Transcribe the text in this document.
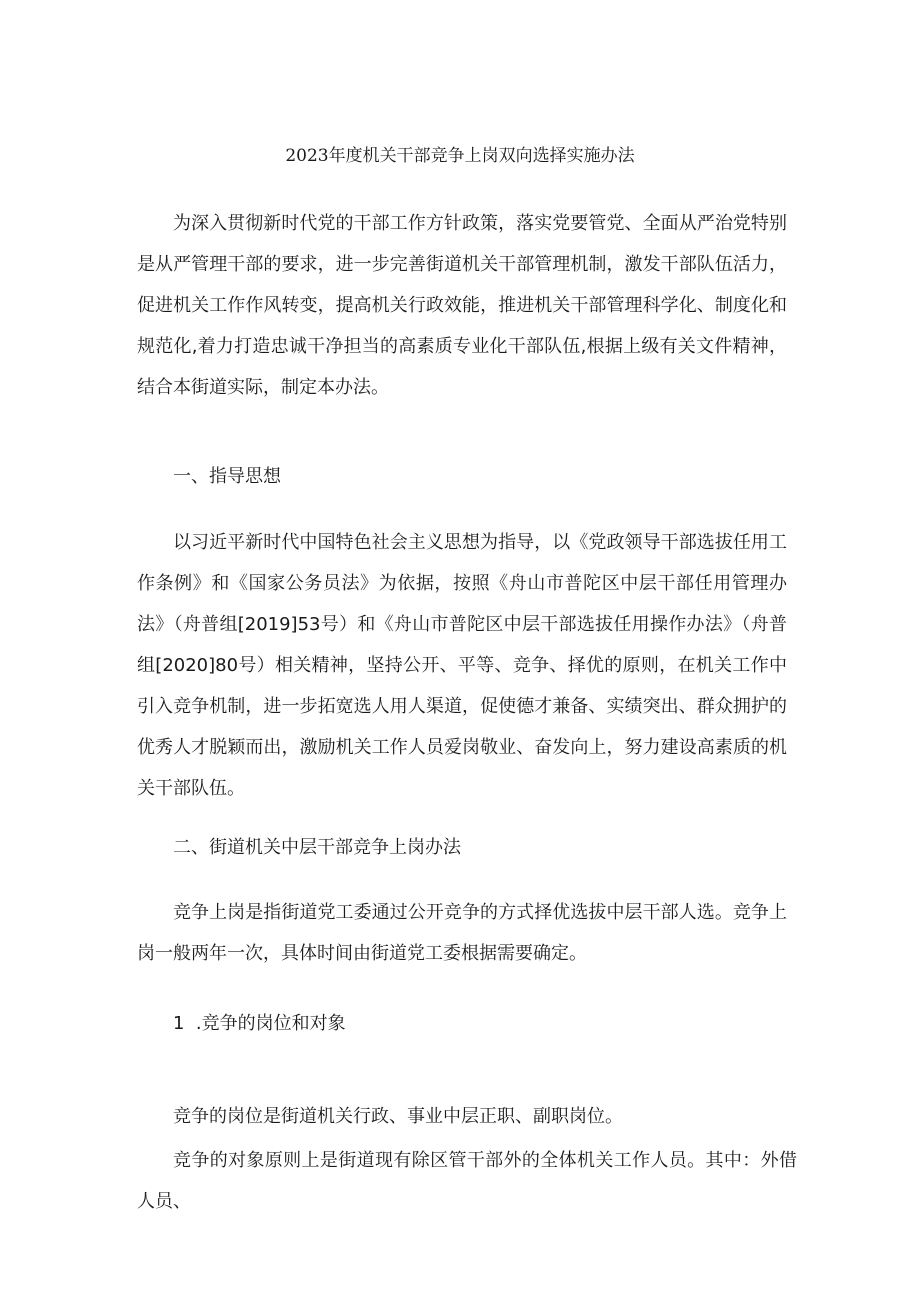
2023年度机关干部竞争上岗双向选择实施办法

为深入贯彻新时代党的干部工作方针政策，落实党要管党、全面从严治党特别是从严管理干部的要求，进一步完善街道机关干部管理机制，激发干部队伍活力，促进机关工作作风转变，提高机关行政效能，推进机关干部管理科学化、制度化和规范化,着力打造忠诚干净担当的高素质专业化干部队伍,根据上级有关文件精神，结合本街道实际，制定本办法。

一、指导思想

以习近平新时代中国特色社会主义思想为指导，以《党政领导干部选拔任用工作条例》和《国家公务员法》为依据，按照《舟山市普陀区中层干部任用管理办法》（舟普组[2019]53号）和《舟山市普陀区中层干部选拔任用操作办法》（舟普组[2020]80号）相关精神，坚持公开、平等、竞争、择优的原则，在机关工作中引入竞争机制，进一步拓宽选人用人渠道，促使德才兼备、实绩突出、群众拥护的优秀人才脱颖而出，激励机关工作人员爱岗敬业、奋发向上，努力建设高素质的机关干部队伍。

二、街道机关中层干部竞争上岗办法

竞争上岗是指街道党工委通过公开竞争的方式择优选拔中层干部人选。竞争上岗一般两年一次，具体时间由街道党工委根据需要确定。

1  .竞争的岗位和对象

竞争的岗位是街道机关行政、事业中层正职、副职岗位。

竞争的对象原则上是街道现有除区管干部外的全体机关工作人员。其中：外借人员、
